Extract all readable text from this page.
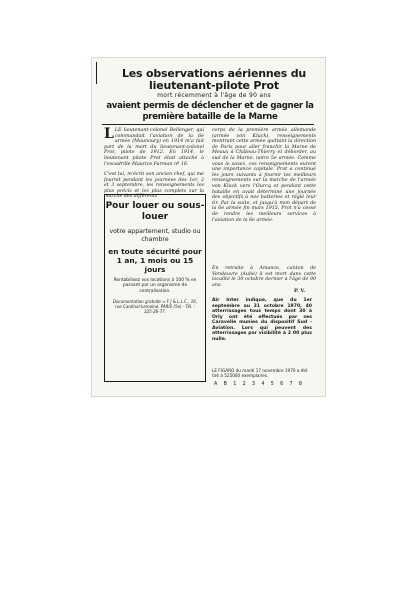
Les observations aériennes du lieutenant-pilote Prot
mort récemment à l'âge de 90 ans
avaient permis de déclencher et de gagner la première bataille de la Marne
LLE lieutenant-colonel Bellenger, qui commandait l'aviation de la 6e armée (Maunoury) en 1914 m'a fait part de la mort du lieutenant-colonel Prot, pilote de 1912. En 1914, le lieutenant pilote Prot était attaché à l'escadrille Maurice Farman nº 16.
C'est lui, m'écrit son ancien chef, qui me fournit pendant les journées des 1er, 2 et 3 septembre, les renseignements les plus précis et les plus complets sur la marche des différents
corps de la première armée allemande (armée von Kluck), renseignements montrant cette armée quittant la direction de Paris pour aller franchir la Marne de Meaux à Château-Thierry et déborder, au sud de la Marne, notre 5e armée. Comme vous le savez, ces renseignements eurent une importance capitale. Prot a continué les jours suivants à fournir les meilleurs renseignements sur la marche de l'armée von Kluck vers l'Ourcq et pendant cette bataille en avait déterminé une journée des objectifs à nos batteries et réglé leur tir. Par la suite, et jusqu'à mon départ de la 6e armée fin mars 1915, Prot n'a cessé de rendre les meilleurs services à l'aviation de la 6e armée.
En retraite à Amance, canton de Vendeuvre (Aube) il est mort dans cette localité le 30 octobre dernier à l'âge de 90 ans.
P. V.
Pour louer ou sous-louer
votre appartement, studio ou chambre
en toute sécurité pour 1 an, 1 mois ou 15 jours
Rentabilisez vos locations à 100 % en passant par un organisme de centralisation.
Documentation gratuite ⇒ F J & L.L.C., 16, rue Cardinal-Lemoine, PARIS (5e) - Tél. : 325-26-77.
Air Inter indique, que du 1er septembre au 31 octobre 1970, 40 atterrissages tous temps dont 30 à Orly ont été effectués par ses Caravelle munies du dispositif Sud - Aviation. Lors qui peuvent des atterrissages par visibilité à 2 00 plus nulle.
LE FIGARO du mardi 17 novembre 1970 a été tiré à 525000 exemplaires.
A B 1 2 3 4 5 6 7 8
